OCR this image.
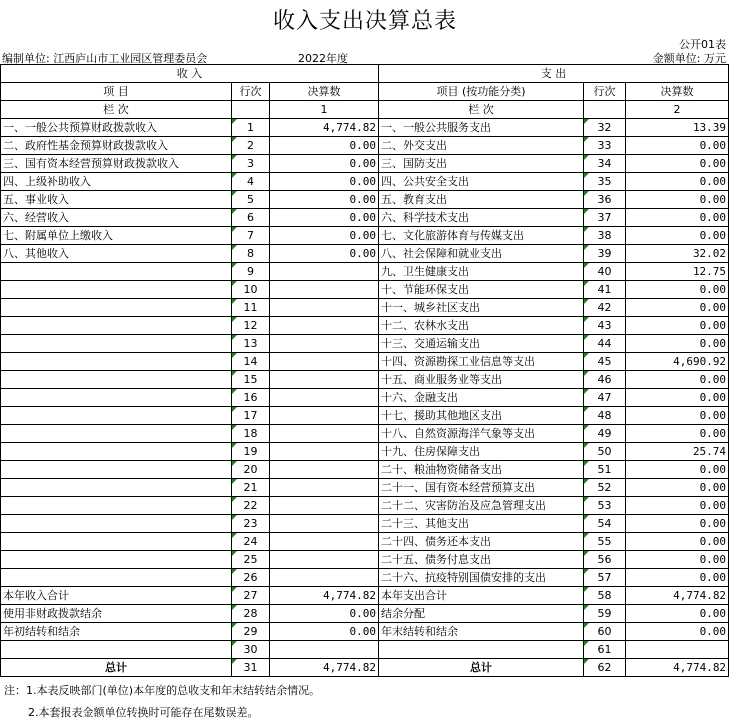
收入支出决算总表
公开01表
编制单位: 江西庐山市工业园区管理委员会	2022年度	金额单位: 万元
收 入			支 出		
项 目	行次	决算数	项目 (按功能分类)	行次	决算数
栏 次		1	栏 次		2
一、一般公共预算财政拨款收入	1	4,774.82	一、一般公共服务支出	32	13.39
二、政府性基金预算财政拨款收入	2	0.00	二、外交支出	33	0.00
三、国有资本经营预算财政拨款收入	3	0.00	三、国防支出	34	0.00
四、上级补助收入	4	0.00	四、公共安全支出	35	0.00
五、事业收入	5	0.00	五、教育支出	36	0.00
六、经营收入	6	0.00	六、科学技术支出	37	0.00
七、附属单位上缴收入	7	0.00	七、文化旅游体育与传媒支出	38	0.00
八、其他收入	8	0.00	八、社会保障和就业支出	39	32.02
	9		九、卫生健康支出	40	12.75
	10		十、节能环保支出	41	0.00
	11		十一、城乡社区支出	42	0.00
	12		十二、农林水支出	43	0.00
	13		十三、交通运输支出	44	0.00
	14		十四、资源勘探工业信息等支出	45	4,690.92
	15		十五、商业服务业等支出	46	0.00
	16		十六、金融支出	47	0.00
	17		十七、援助其他地区支出	48	0.00
	18		十八、自然资源海洋气象等支出	49	0.00
	19		十九、住房保障支出	50	25.74
	20		二十、粮油物资储备支出	51	0.00
	21		二十一、国有资本经营预算支出	52	0.00
	22		二十二、灾害防治及应急管理支出	53	0.00
	23		二十三、其他支出	54	0.00
	24		二十四、债务还本支出	55	0.00
	25		二十五、债务付息支出	56	0.00
	26		二十六、抗疫特别国债安排的支出	57	0.00
本年收入合计	27	4,774.82	本年支出合计	58	4,774.82
使用非财政拨款结余	28	0.00	结余分配	59	0.00
年初结转和结余	29	0.00	年末结转和结余	60	0.00
	30			61	
总计	31	4,774.82	总计	62	4,774.82
注：1.本表反映部门(单位)本年度的总收支和年末结转结余情况。
2.本套报表金额单位转换时可能存在尾数误差。
